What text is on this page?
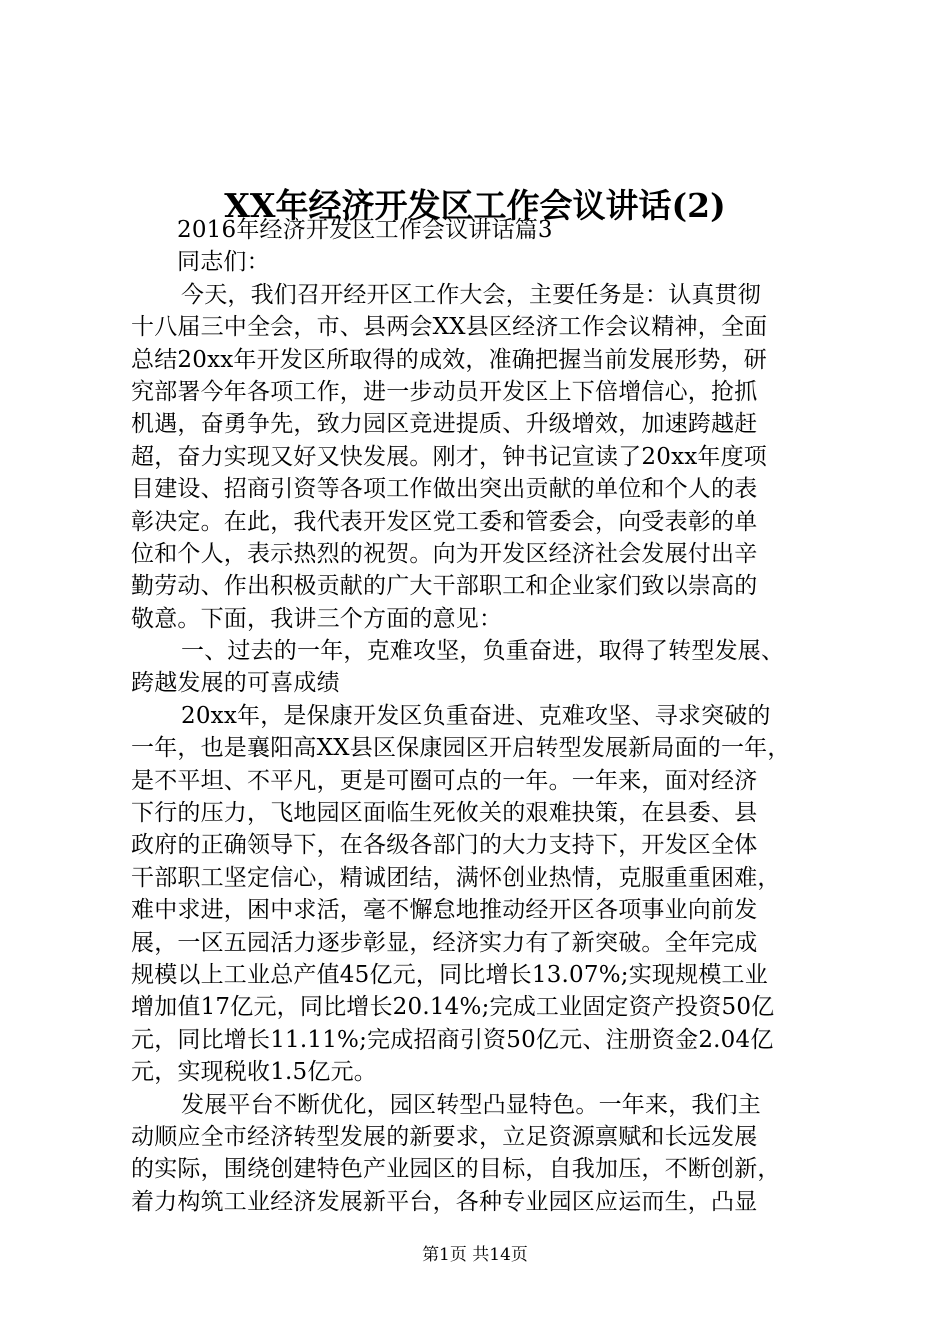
XX年经济开发区工作会议讲话(2)
2016年经济开发区工作会议讲话篇3
同志们：
今天，我们召开经开区工作大会，主要任务是：认真贯彻
十八届三中全会，市、县两会XX县区经济工作会议精神，全面
总结20xx年开发区所取得的成效，准确把握当前发展形势，研
究部署今年各项工作，进一步动员开发区上下倍增信心，抢抓
机遇，奋勇争先，致力园区竞进提质、升级增效，加速跨越赶
超，奋力实现又好又快发展。刚才，钟书记宣读了20xx年度项
目建设、招商引资等各项工作做出突出贡献的单位和个人的表
彰决定。在此，我代表开发区党工委和管委会，向受表彰的单
位和个人，表示热烈的祝贺。向为开发区经济社会发展付出辛
勤劳动、作出积极贡献的广大干部职工和企业家们致以崇高的
敬意。下面，我讲三个方面的意见：
一、过去的一年，克难攻坚，负重奋进，取得了转型发展、
跨越发展的可喜成绩
20xx年，是保康开发区负重奋进、克难攻坚、寻求突破的
一年，也是襄阳高XX县区保康园区开启转型发展新局面的一年，
是不平坦、不平凡，更是可圈可点的一年。一年来，面对经济
下行的压力，飞地园区面临生死攸关的艰难抉策，在县委、县
政府的正确领导下，在各级各部门的大力支持下，开发区全体
干部职工坚定信心，精诚团结，满怀创业热情，克服重重困难，
难中求进，困中求活，毫不懈怠地推动经开区各项事业向前发
展，一区五园活力逐步彰显，经济实力有了新突破。全年完成
规模以上工业总产值45亿元，同比增长13.07%;实现规模工业
增加值17亿元，同比增长20.14%;完成工业固定资产投资50亿
元，同比增长11.11%;完成招商引资50亿元、注册资金2.04亿
元，实现税收1.5亿元。
发展平台不断优化，园区转型凸显特色。一年来，我们主
动顺应全市经济转型发展的新要求，立足资源禀赋和长远发展
的实际，围绕创建特色产业园区的目标，自我加压，不断创新，
着力构筑工业经济发展新平台，各种专业园区应运而生，凸显
第1页 共14页
